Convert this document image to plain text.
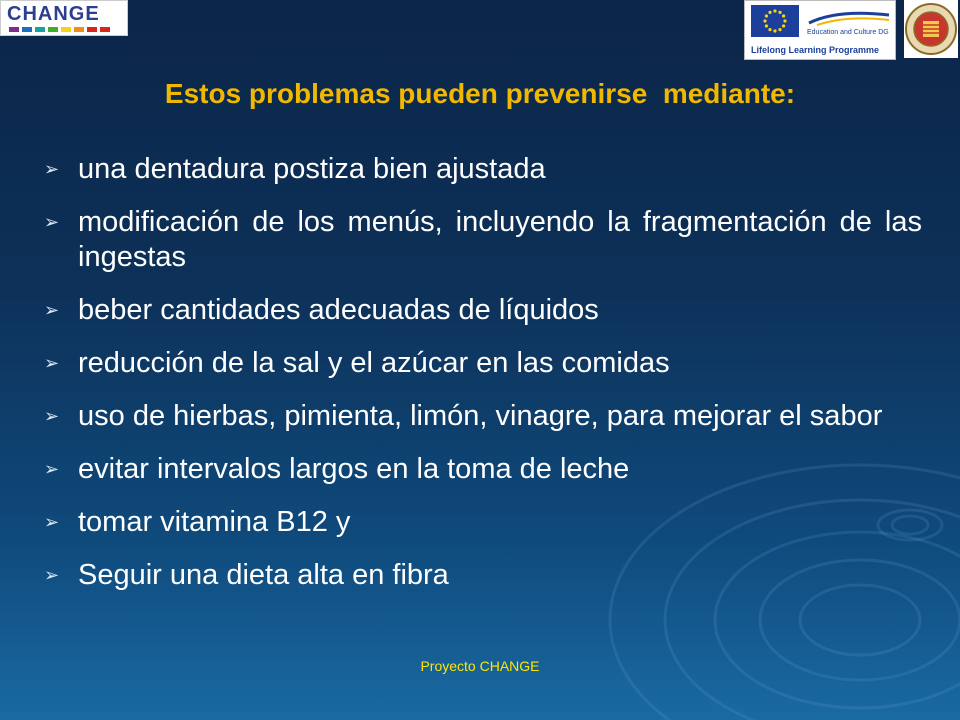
CHANGE
Education and Culture DG
Lifelong Learning Programme
Estos problemas pueden prevenirse  mediante:
➢ una dentadura postiza bien ajustada
➢ modificación de los menús, incluyendo la fragmentación de las ingestas
➢ beber cantidades adecuadas de líquidos
➢ reducción de la sal y el azúcar en las comidas
➢ uso de hierbas, pimienta, limón, vinagre, para mejorar el sabor
➢ evitar intervalos largos en la toma de leche
➢ tomar vitamina B12 y
➢ Seguir una dieta alta en fibra
Proyecto CHANGE
